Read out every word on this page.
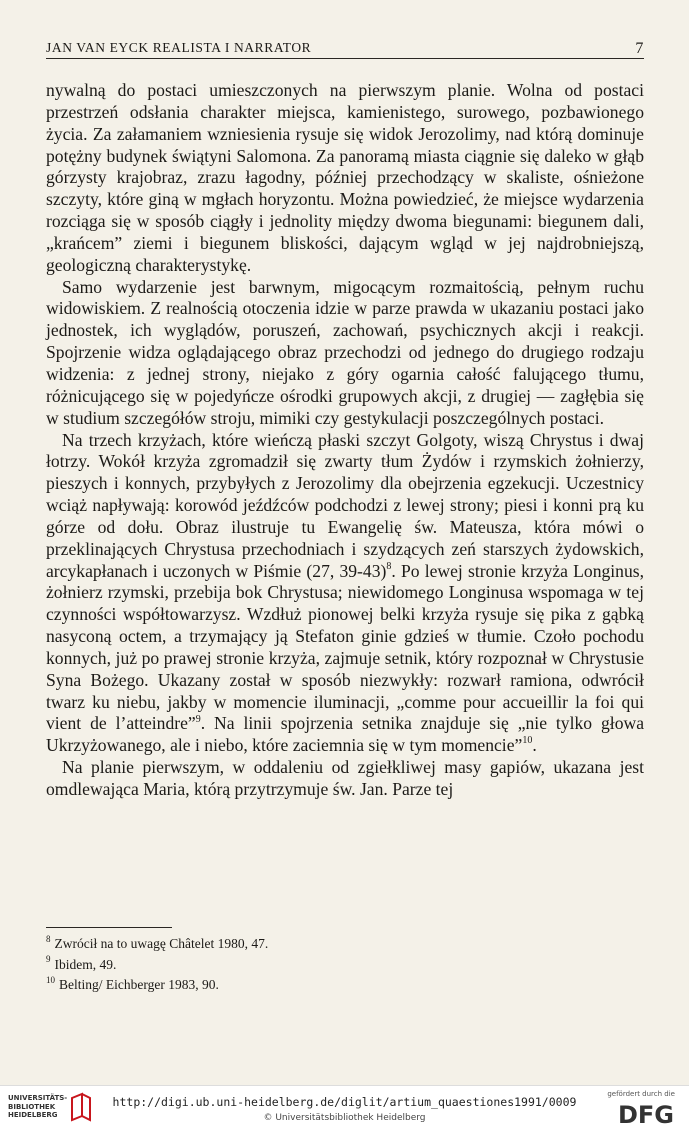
JAN VAN EYCK REALISTA I NARRATOR	7

nywalną do postaci umieszczonych na pierwszym planie. Wolna od postaci przestrzeń odsłania charakter miejsca, kamienistego, surowego, pozbawionego życia. Za załamaniem wzniesienia rysuje się widok Jerozolimy, nad którą dominuje potężny budynek świątyni Salomona. Za panoramą miasta ciągnie się daleko w głąb górzysty krajobraz, zrazu łagodny, później przechodzący w skaliste, ośnieżone szczyty, które giną w mgłach horyzontu. Można powiedzieć, że miejsce wydarzenia rozciąga się w sposób ciągły i jednolity między dwoma biegunami: biegunem dali, „krańcem” ziemi i biegunem bliskości, dającym wgląd w jej najdrobniejszą, geologiczną charakterystykę.

Samo wydarzenie jest barwnym, migocącym rozmaitością, pełnym ruchu widowiskiem. Z realnością otoczenia idzie w parze prawda w ukazaniu postaci jako jednostek, ich wyglądów, poruszeń, zachowań, psychicznych akcji i reakcji. Spojrzenie widza oglądającego obraz przechodzi od jednego do drugiego rodzaju widzenia: z jednej strony, niejako z góry ogarnia całość falującego tłumu, różnicującego się w pojedyńcze ośrodki grupowych akcji, z drugiej — zagłębia się w studium szczegółów stroju, mimiki czy gestykulacji poszczególnych postaci.

Na trzech krzyżach, które wieńczą płaski szczyt Golgoty, wiszą Chrystus i dwaj łotrzy. Wokół krzyża zgromadził się zwarty tłum Żydów i rzymskich żołnierzy, pieszych i konnych, przybyłych z Jerozolimy dla obejrzenia egzekucji. Uczestnicy wciąż napływają: korowód jeźdźców podchodzi z lewej strony; piesi i konni prą ku górze od dołu. Obraz ilustruje tu Ewangelię św. Mateusza, która mówi o przeklinających Chrystusa przechodniach i szydzących zeń starszych żydowskich, arcykapłanach i uczonych w Piśmie (27, 39-43)$^8$. Po lewej stronie krzyża Longinus, żołnierz rzymski, przebija bok Chrystusa; niewidomego Longinusa wspomaga w tej czynności współtowarzysz. Wzdłuż pionowej belki krzyża rysuje się pika z gąbką nasyconą octem, a trzymający ją Stefaton ginie gdzieś w tłumie. Czoło pochodu konnych, już po prawej stronie krzyża, zajmuje setnik, który rozpoznał w Chrystusie Syna Bożego. Ukazany został w sposób niezwykły: rozwarł ramiona, odwrócił twarz ku niebu, jakby w momencie iluminacji, „comme pour accueillir la foi qui vient de l’atteindre”$^9$. Na linii spojrzenia setnika znajduje się „nie tylko głowa Ukrzyżowanego, ale i niebo, które zaciemnia się w tym momencie”$^{10}$.

Na planie pierwszym, w oddaleniu od zgiełkliwej masy gapiów, ukazana jest omdlewająca Maria, którą przytrzymuje św. Jan. Parze tej

$^8$ Zwrócił na to uwagę Châtelet 1980, 47.
$^9$ Ibidem, 49.
$^{10}$ Belting/ Eichberger 1983, 90.
UNIVERSITÄTS- BIBLIOTHEK HEIDELBERG
http://digi.ub.uni-heidelberg.de/diglit/artium_quaestiones1991/0009
© Universitätsbibliothek Heidelberg
gefördert durch die
DFG
